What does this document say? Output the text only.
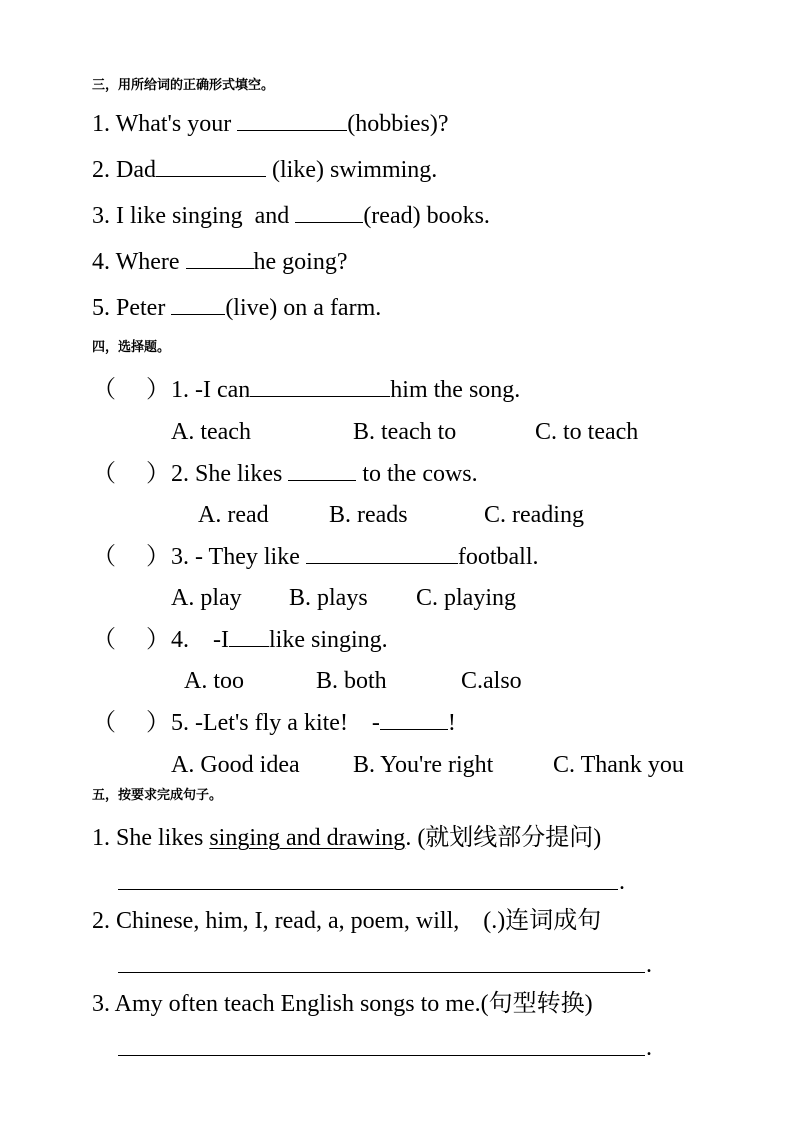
三，用所给词的正确形式填空。
1. What's your	(hobbies)?
2. Dad	(like) swimming.
3. I like singing  and	(read) books.
4. Where	he going?
5. Peter (live) on a farm.
四，选择题。
（     ） 1. -I can	him the song.
A. teach	B. teach to	C. to teach
（     ） 2. She likes	to the cows.
A. read	B. reads	C. reading
（     ） 3. - They like	football.
A. play B. plays C. playing
（     ） 4.    -I like singing.
A. too	B. both	C.also
（     ） 5. -Let's fly a kite!    -	!
A. Good idea B. You're right C. Thank you
五，按要求完成句子。
1. She likes singing and drawing. (就划线部分提问)
.
2. Chinese, him, I, read, a, poem, will,    (.)连词成句
.
3. Amy often teach English songs to me.(句型转换)
.
